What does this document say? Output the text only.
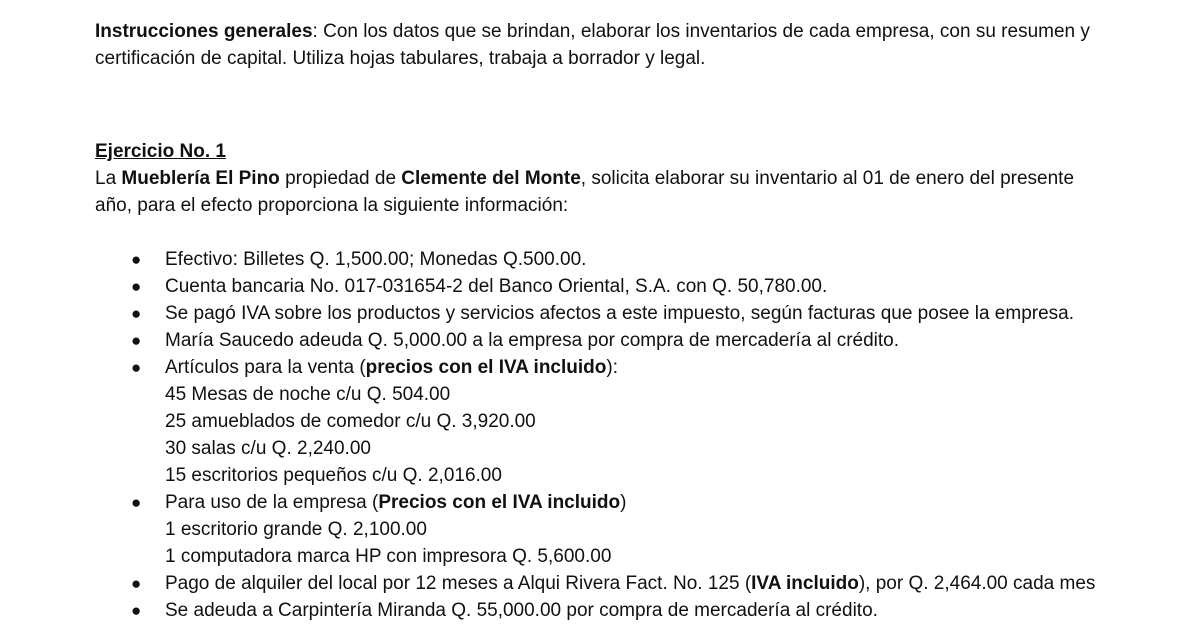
Instrucciones generales: Con los datos que se brindan, elaborar los inventarios de cada empresa, con su resumen y certificación de capital. Utiliza hojas tabulares, trabaja a borrador y legal.

Ejercicio No. 1

La Mueblería El Pino propiedad de Clemente del Monte, solicita elaborar su inventario al 01 de enero del presente año, para el efecto proporciona la siguiente información:

● Efectivo: Billetes Q. 1,500.00; Monedas Q.500.00.
● Cuenta bancaria No. 017-031654-2 del Banco Oriental, S.A. con Q. 50,780.00.
● Se pagó IVA sobre los productos y servicios afectos a este impuesto, según facturas que posee la empresa.
● María Saucedo adeuda Q. 5,000.00 a la empresa por compra de mercadería al crédito.
● Artículos para la venta (precios con el IVA incluido):
45 Mesas de noche c/u Q. 504.00
25 amueblados de comedor c/u Q. 3,920.00
30 salas c/u Q. 2,240.00
15 escritorios pequeños c/u Q. 2,016.00
● Para uso de la empresa (Precios con el IVA incluido)
1 escritorio grande Q. 2,100.00
1 computadora marca HP con impresora Q. 5,600.00
● Pago de alquiler del local por 12 meses a Alqui Rivera Fact. No. 125 (IVA incluido), por Q. 2,464.00 cada mes
● Se adeuda a Carpintería Miranda Q. 55,000.00 por compra de mercadería al crédito.
